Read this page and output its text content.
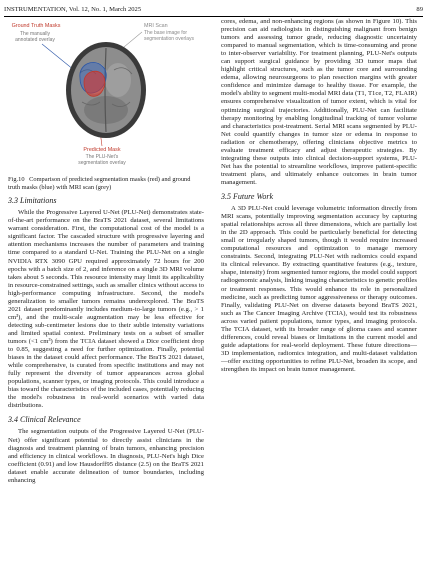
INSTRUMENTATION, Vol. 12, No. 1, March 2025	89
Ground Truth Masks
The manually annotated overlay
MRI Scan
The base image for segmentation overlays
Predicted Mask
The PLU-Net's segmentation overlay
Fig.10 Comparison of predicted segmentation masks (red) and ground truth masks (blue) with MRI scan (grey)
3.3 Limitations

While the Progressive Layered U-Net (PLU-Net) demonstrates state-of-the-art performance on the BraTS 2021 dataset, several limitations warrant consideration. First, the computational cost of the model is a significant factor. The cascaded structure with progressive layering and attention mechanisms increases the number of parameters and training time compared to a standard U-Net. Training the PLU-Net on a single NVIDIA RTX 3090 GPU required approximately 72 hours for 200 epochs with a batch size of 2, and inference on a single 3D MRI volume takes about 5 seconds. This resource intensity may limit its applicability in resource-constrained settings, such as smaller clinics without access to high-performance computing infrastructure. Second, the model's generalization to smaller tumors remains underexplored. The BraTS 2021 dataset predominantly includes medium-to-large tumors (e.g., > 1 cm³), and the multi-scale augmentation may be less effective for detecting sub-centimeter lesions due to their subtle intensity variations and limited spatial context. Preliminary tests on a subset of smaller tumors (<1 cm³) from the TCIA dataset showed a Dice coefficient drop to 0.85, suggesting a need for further optimization. Finally, potential biases in the dataset could affect performance. The BraTS 2021 dataset, while comprehensive, is curated from specific institutions and may not fully represent the diversity of tumor appearances across global populations, scanner types, or imaging protocols. This could introduce a bias toward the characteristics of the included cases, potentially reducing the model's robustness in real-world scenarios with varied data distributions.

3.4 Clinical Relevance

The segmentation outputs of the Progressive Layered U-Net (PLU-Net) offer significant potential to directly assist clinicians in the diagnosis and treatment planning of brain tumors, enhancing precision and efficiency in clinical workflows. In diagnosis, PLU-Net's high Dice coefficient (0.91) and low Hausdorff95 distance (2.5) on the BraTS 2021 dataset enable accurate delineation of tumor boundaries, including enhancing

cores, edema, and non-enhancing regions (as shown in Figure 10). This precision can aid radiologists in distinguishing malignant from benign tumors and assessing tumor grade, reducing diagnostic uncertainty compared to manual segmentation, which is time-consuming and prone to inter-observer variability. For treatment planning, PLU-Net's outputs can support surgical guidance by providing 3D tumor maps that highlight critical structures, such as the tumor core and surrounding edema, allowing neurosurgeons to plan resection margins with greater confidence and minimize damage to healthy tissue. For example, the model's ability to segment multi-modal MRI data (T1, T1ce, T2, FLAIR) ensures comprehensive visualization of tumor extent, which is vital for optimizing surgical trajectories. Additionally, PLU-Net can facilitate therapy monitoring by enabling longitudinal tracking of tumor volume and characteristics post-treatment. Serial MRI scans segmented by PLU-Net could quantify changes in tumor size or edema in response to radiation or chemotherapy, offering clinicians objective metrics to evaluate treatment efficacy and adjust therapeutic strategies. By integrating these outputs into clinical decision-support systems, PLU-Net has the potential to streamline workflows, improve patient-specific treatment plans, and ultimately enhance outcomes in brain tumor management.

3.5 Future Work

A 3D PLU-Net could leverage volumetric information directly from MRI scans, potentially improving segmentation accuracy by capturing spatial relationships across all three dimensions, which are partially lost in the 2D approach. This could be particularly beneficial for detecting small or irregularly shaped tumors, though it would require increased computational resources and optimization to manage memory constraints. Second, integrating PLU-Net with radiomics could expand its clinical relevance. By extracting quantitative features (e.g., texture, shape, intensity) from segmented tumor regions, the model could support radiogenomic analysis, linking imaging characteristics to genetic profiles or treatment responses. This would enhance its role in personalized medicine, such as predicting tumor aggressiveness or therapy outcomes. Finally, validating PLU-Net on diverse datasets beyond BraTS 2021, such as The Cancer Imaging Archive (TCIA), would test its robustness across varied patient populations, tumor types, and imaging protocols. The TCIA dataset, with its broader range of glioma cases and scanner differences, could reveal biases or limitations in the current model and guide adaptations for real-world deployment. These future directions—3D implementation, radiomics integration, and multi-dataset validation—offer exciting opportunities to refine PLU-Net, broaden its scope, and strengthen its impact on brain tumor management.
